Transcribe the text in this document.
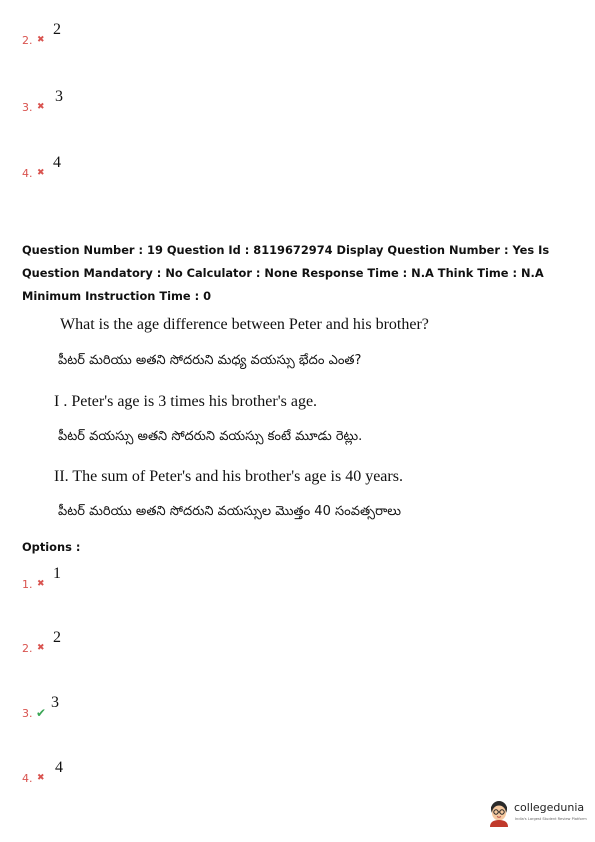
2. ✖
2
3. ✖
3
4. ✖
4
Question Number : 19 Question Id : 8119672974 Display Question Number : Yes Is Question Mandatory : No Calculator : None Response Time : N.A Think Time : N.A Minimum Instruction Time : 0
What is the age difference between Peter and his brother?
పీటర్ మరియు అతని సోదరుని మధ్య వయస్సు భేదం ఎంత?
I . Peter's age is 3 times his brother's age.
పీటర్ వయస్సు అతని సోదరుని వయస్సు కంటే మూడు రెట్లు.
II. The sum of Peter's and his brother's age is 40 years.
పీటర్ మరియు అతని సోదరుని వయస్సుల మొత్తం 40 సంవత్సరాలు
Options :
1. ✖
1
2. ✖
2
3. ✔
3
4. ✖
4
collegedunia
India's Largest Student Review Platform
